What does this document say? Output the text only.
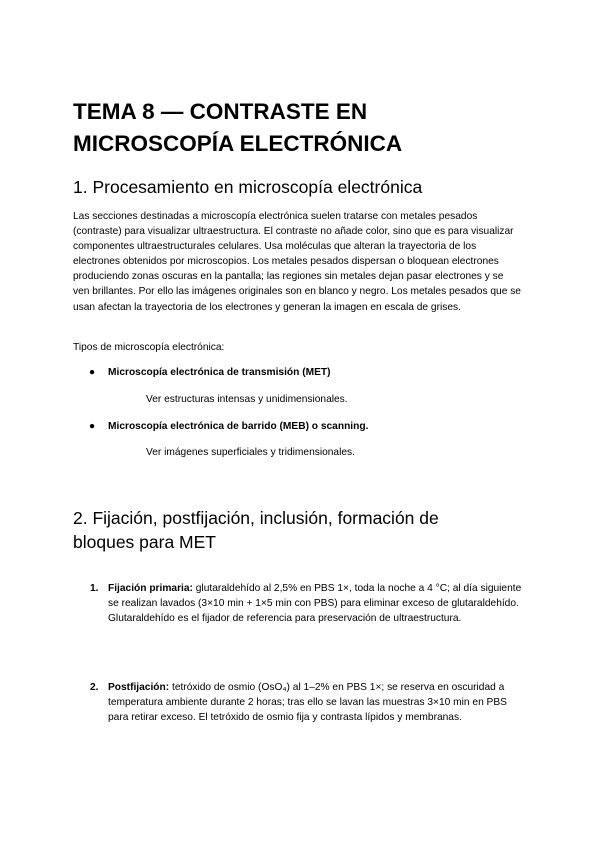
TEMA 8 — CONTRASTE EN
MICROSCOPÍA ELECTRÓNICA
1. Procesamiento en microscopía electrónica

Las secciones destinadas a microscopía electrónica suelen tratarse con metales pesados (contraste) para visualizar ultraestructura. El contraste no añade color, sino que es para visualizar componentes ultraestructurales celulares. Usa moléculas que alteran la trayectoria de los electrones obtenidos por microscopios. Los metales pesados dispersan o bloquean electrones produciendo zonas oscuras en la pantalla; las regiones sin metales dejan pasar electrones y se ven brillantes. Por ello las imágenes originales son en blanco y negro. Los metales pesados que se usan afectan la trayectoria de los electrones y generan la imagen en escala de grises.

Tipos de microscopía electrónica:

● Microscopía electrónica de transmisión (MET)
Ver estructuras intensas y unidimensionales.
● Microscopía electrónica de barrido (MEB) o scanning.
Ver imágenes superficiales y tridimensionales.
2. Fijación, postfijación, inclusión, formación de
bloques para MET
1. Fijación primaria: glutaraldehído al 2,5% en PBS 1×, toda la noche a 4 °C; al día siguiente se realizan lavados (3×10 min + 1×5 min con PBS) para eliminar exceso de glutaraldehído. Glutaraldehído es el fijador de referencia para preservación de ultraestructura.
2. Postfijación: tetróxido de osmio (OsO₄) al 1–2% en PBS 1×; se reserva en oscuridad a temperatura ambiente durante 2 horas; tras ello se lavan las muestras 3×10 min en PBS para retirar exceso. El tetróxido de osmio fija y contrasta lípidos y membranas.
